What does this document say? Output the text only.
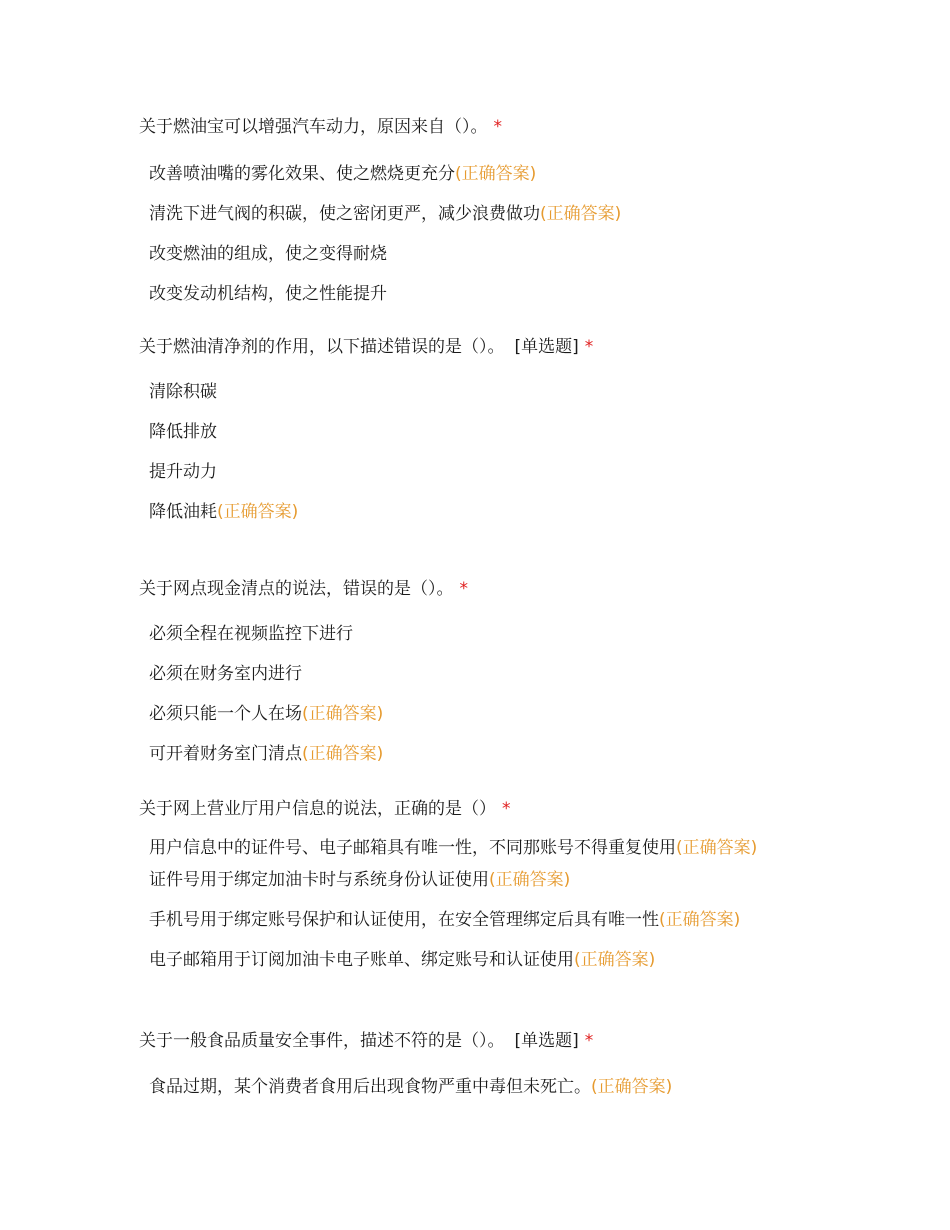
关于燃油宝可以增强汽车动力，原因来自（）。 *

改善喷油嘴的雾化效果、使之燃烧更充分(正确答案)
清洗下进气阀的积碳，使之密闭更严，减少浪费做功(正确答案)
改变燃油的组成，使之变得耐烧
改变发动机结构，使之性能提升

关于燃油清净剂的作用，以下描述错误的是（）。 [单选题] *

清除积碳
降低排放
提升动力
降低油耗(正确答案)

关于网点现金清点的说法，错误的是（）。 *

必须全程在视频监控下进行
必须在财务室内进行
必须只能一个人在场(正确答案)
可开着财务室门清点(正确答案)

关于网上营业厅用户信息的说法，正确的是（） *

用户信息中的证件号、电子邮箱具有唯一性，不同那账号不得重复使用(正确答案)
证件号用于绑定加油卡时与系统身份认证使用(正确答案)
手机号用于绑定账号保护和认证使用，在安全管理绑定后具有唯一性(正确答案)
电子邮箱用于订阅加油卡电子账单、绑定账号和认证使用(正确答案)

关于一般食品质量安全事件，描述不符的是（）。 [单选题] *

食品过期，某个消费者食用后出现食物严重中毒但未死亡。(正确答案)
